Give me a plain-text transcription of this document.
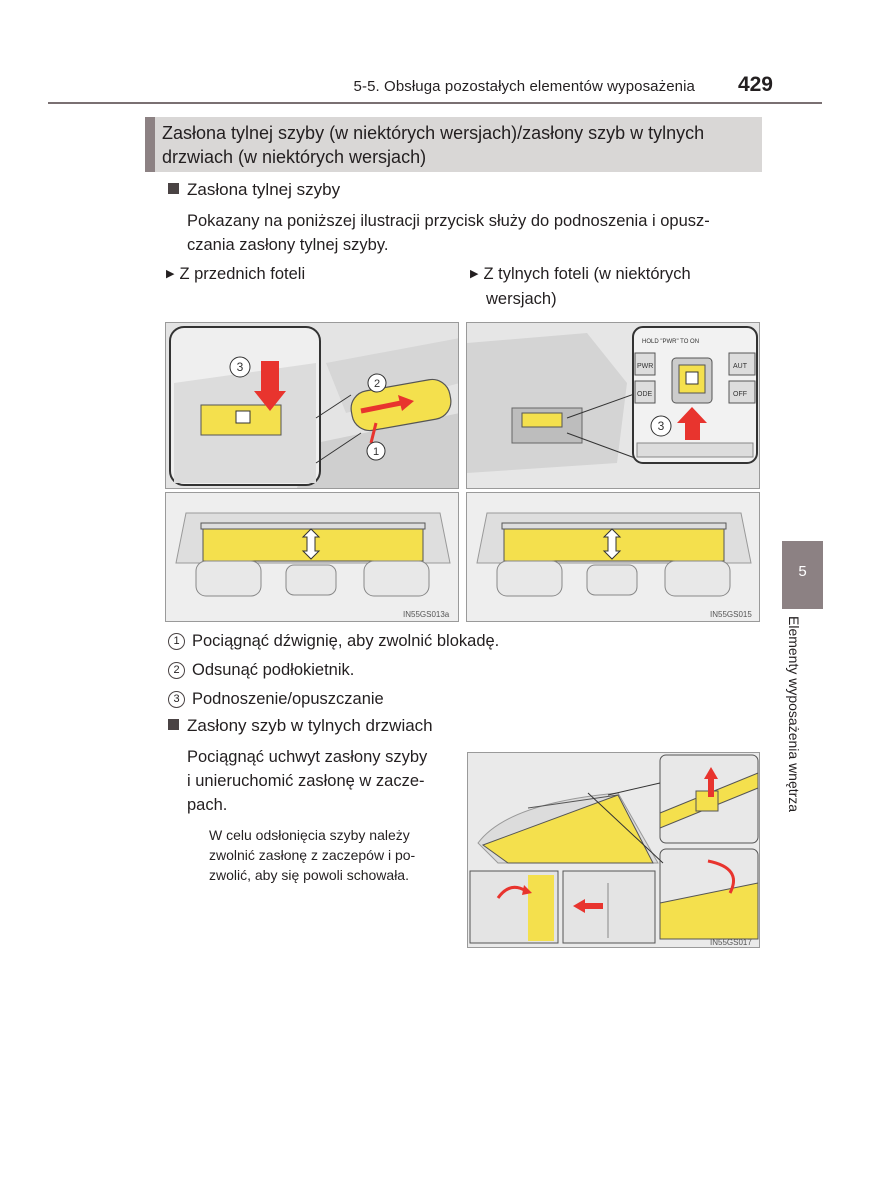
5-5. Obsługa pozostałych elementów wyposażenia 429
Zasłona tylnej szyby (w niektórych wersjach)/zasłony szyb w tylnych drzwiach (w niektórych wersjach)
Zasłona tylnej szyby
Pokazany na poniższej ilustracji przycisk służy do podnoszenia i opusz-
czania zasłony tylnej szyby.
▶ Z przednich foteli	▶ Z tylnych foteli (w niektórych
wersjach)
1
2
3
HOLD "PWR" TO ON
PWR
ODE
AUT
OFF
3
IN55GS013a	IN55GS015
1 Pociągnąć dźwignię, aby zwolnić blokadę.
2 Odsunąć podłokietnik.
3 Podnoszenie/opuszczanie
Zasłony szyb w tylnych drzwiach
Pociągnąć uchwyt zasłony szyby
i unieruchomić zasłonę w zacze-
pach.
W celu odsłonięcia szyby należy
zwolnić zasłonę z zaczepów i po-
zwolić, aby się powoli schowała.
IN55GS017
5
Elementy wyposażenia wnętrza
